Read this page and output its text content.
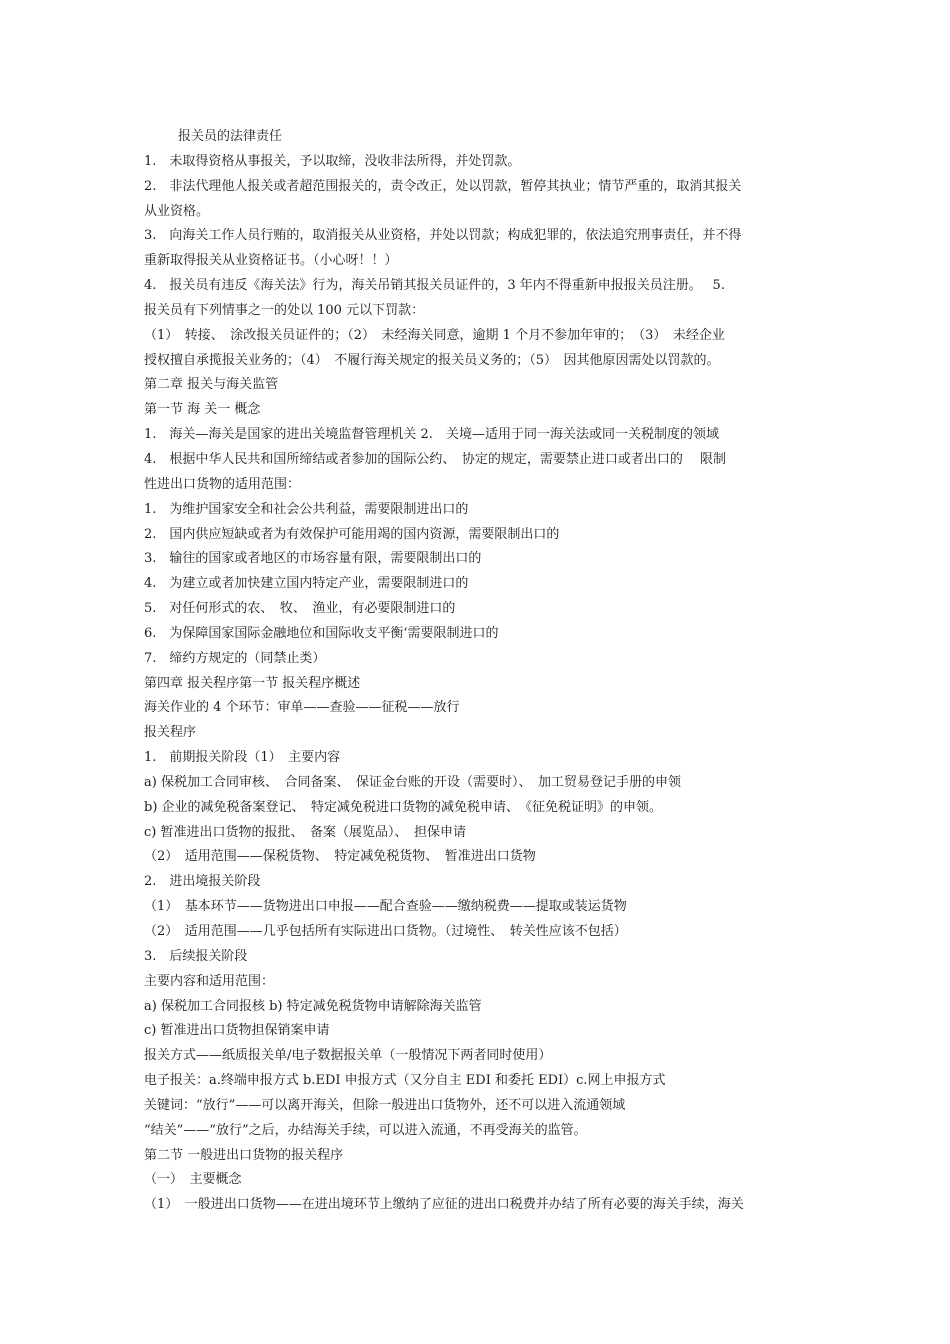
报关员的法律责任
1.　未取得资格从事报关，予以取缔，没收非法所得，并处罚款。
2.　非法代理他人报关或者超范围报关的，责令改正，处以罚款，暂停其执业；情节严重的，取消其报关
从业资格。
3.　向海关工作人员行贿的，取消报关从业资格，并处以罚款；构成犯罪的，依法追究刑事责任，并不得
重新取得报关从业资格证书。（小心呀！！）
4.　报关员有违反《海关法》行为，海关吊销其报关员证件的，3 年内不得重新申报报关员注册。　 5.
报关员有下列情事之一的处以 100 元以下罚款：
（1）　转接、　涂改报关员证件的；（2）　未经海关同意，逾期 1 个月不参加年审的；　（3）　未经企业
授权擅自承揽报关业务的；（4）　不履行海关规定的报关员义务的；（5）　因其他原因需处以罚款的。
第二章 报关与海关监管
第一节 海 关一 概念
1.　海关—海关是国家的进出关境监督管理机关 2.　关境—适用于同一海关法或同一关税制度的领域
4.　根据中华人民共和国所缔结或者参加的国际公约、　协定的规定，需要禁止进口或者出口的　 限制
性进出口货物的适用范围：
1.　为维护国家安全和社会公共利益，需要限制进出口的
2.　国内供应短缺或者为有效保护可能用竭的国内资源，需要限制出口的
3.　输往的国家或者地区的市场容量有限，需要限制出口的
4.　为建立或者加快建立国内特定产业，需要限制进口的
5.　对任何形式的农、　牧、　渔业，有必要限制进口的
6.　为保障国家国际金融地位和国际收支平衡‘需要限制进口的
7.　缔约方规定的（同禁止类）
第四章 报关程序第一节 报关程序概述
海关作业的 4 个环节：审单——查验——征税——放行
报关程序
1.　前期报关阶段（1）　主要内容
a) 保税加工合同审核、　合同备案、　保证金台账的开设（需要时）、　加工贸易登记手册的申领
b) 企业的减免税备案登记、　特定减免税进口货物的减免税申请、　《征免税证明》的申领。
c) 暂准进出口货物的报批、　备案（展览品）、　担保申请
（2）　适用范围——保税货物、　特定减免税货物、　暂准进出口货物
2.　进出境报关阶段
（1）　基本环节——货物进出口申报——配合查验——缴纳税费——提取或装运货物
（2）　适用范围——几乎包括所有实际进出口货物。（过境性、　转关性应该不包括）
3.　后续报关阶段
主要内容和适用范围：
a) 保税加工合同报核 b) 特定减免税货物申请解除海关监管
c) 暂准进出口货物担保销案申请
报关方式——纸质报关单/电子数据报关单（一般情况下两者同时使用）
电子报关：a.终端申报方式 b.EDI 申报方式（又分自主 EDI 和委托 EDI）c.网上申报方式
关键词：“放行”——可以离开海关，但除一般进出口货物外，还不可以进入流通领域
“结关”——“放行”之后，办结海关手续，可以进入流通，不再受海关的监管。
第二节 一般进出口货物的报关程序
（一）　主要概念
（1）　一般进出口货物——在进出境环节上缴纳了应征的进出口税费并办结了所有必要的海关手续，海关
